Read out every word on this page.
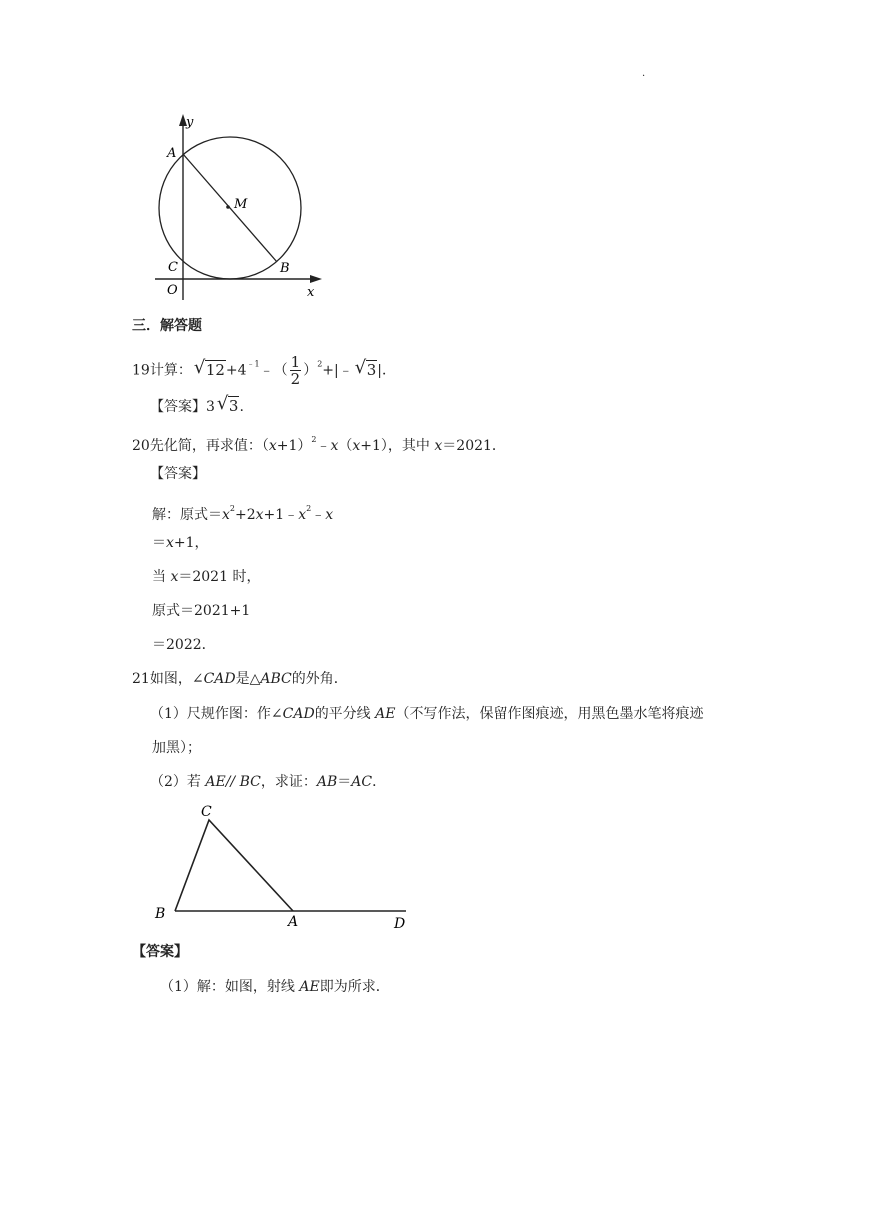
.
y
A
M
C	B
O	x
三．解答题
19计算： √ $12+4^{﹣1}﹣( \frac{1}{2}$ ）$^2$+|﹣ √ 3|．
【答案】3 √ 3.
20先化简，再求值：$(x+1)^2﹣x(x+1)$，其中 x＝2021．
【答案】
解：原式$=x^2+2x+1﹣x^2﹣x$
＝x+1，
当 x＝2021 时，
原式＝2021+1
＝2022．
21如图，∠CAD是△ABC的外角．
（1）尺规作图：作∠CAD的平分线 AE（不写作法，保留作图痕迹，用黑色墨水笔将痕迹
加黑）；
（2）若 AE// BC，求证：AB＝AC．
C
B	A	D
【答案】
（1）解：如图，射线 AE即为所求．
